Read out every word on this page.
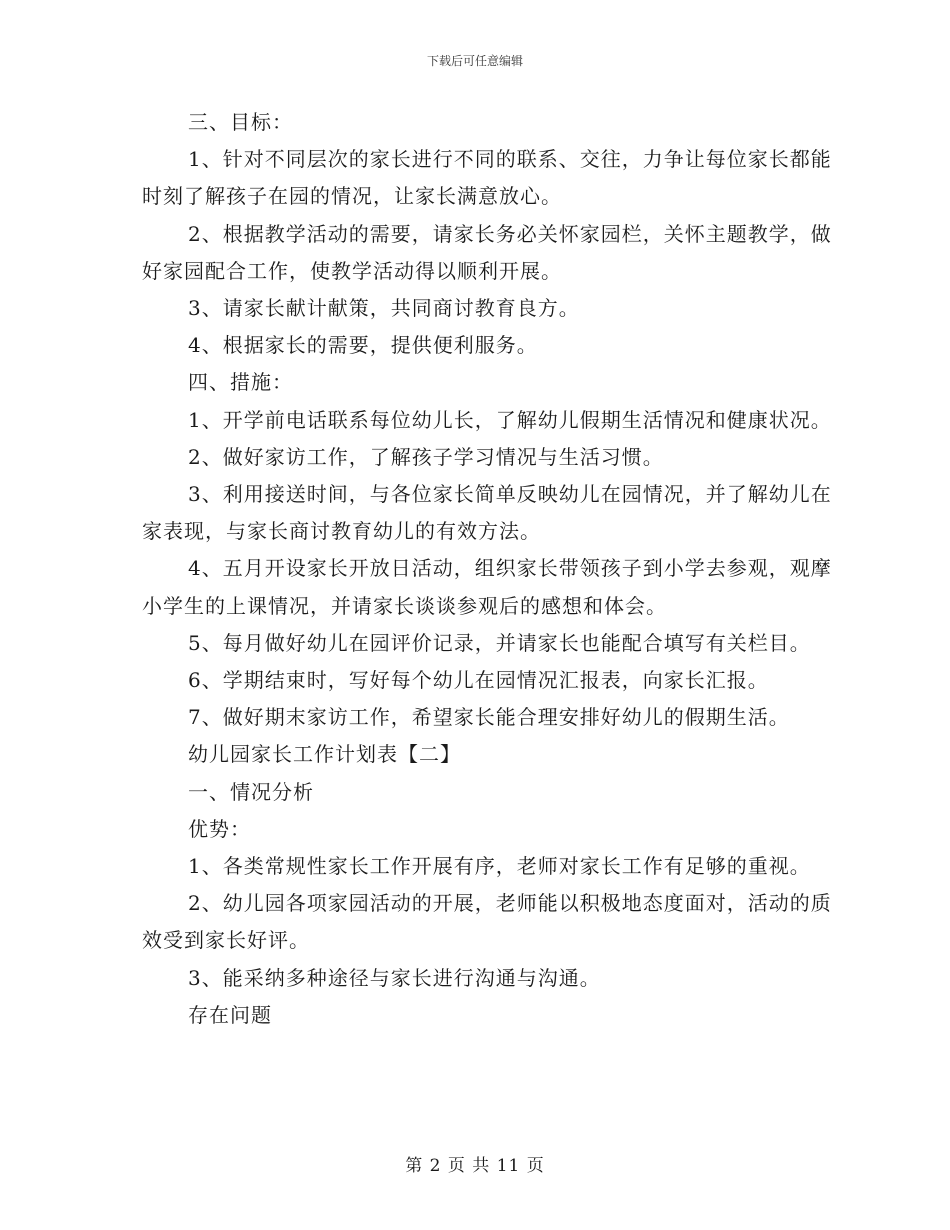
下载后可任意编辑

三、目标：

1、针对不同层次的家长进行不同的联系、交往，力争让每位家长都能时刻了解孩子在园的情况，让家长满意放心。

2、根据教学活动的需要，请家长务必关怀家园栏，关怀主题教学，做好家园配合工作，使教学活动得以顺利开展。

3、请家长献计献策，共同商讨教育良方。

4、根据家长的需要，提供便利服务。

四、措施：

1、开学前电话联系每位幼儿长，了解幼儿假期生活情况和健康状况。

2、做好家访工作，了解孩子学习情况与生活习惯。

3、利用接送时间，与各位家长简单反映幼儿在园情况，并了解幼儿在家表现，与家长商讨教育幼儿的有效方法。

4、五月开设家长开放日活动，组织家长带领孩子到小学去参观，观摩小学生的上课情况，并请家长谈谈参观后的感想和体会。

5、每月做好幼儿在园评价记录，并请家长也能配合填写有关栏目。

6、学期结束时，写好每个幼儿在园情况汇报表，向家长汇报。

7、做好期末家访工作，希望家长能合理安排好幼儿的假期生活。

幼儿园家长工作计划表【二】

一、情况分析

优势：

1、各类常规性家长工作开展有序，老师对家长工作有足够的重视。

2、幼儿园各项家园活动的开展，老师能以积极地态度面对，活动的质效受到家长好评。

3、能采纳多种途径与家长进行沟通与沟通。

存在问题

第 2 页 共 11 页
